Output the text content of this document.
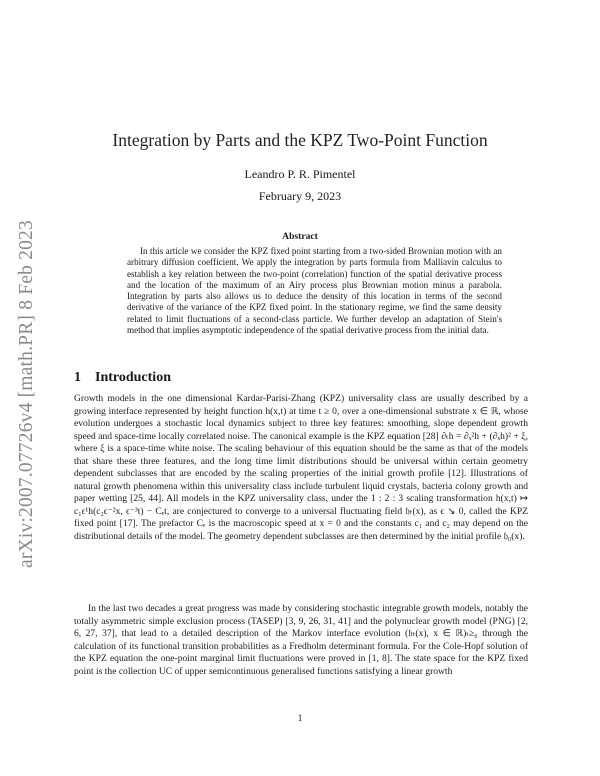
arXiv:2007.07726v4 [math.PR] 8 Feb 2023
Integration by Parts and the KPZ Two-Point Function
Leandro P. R. Pimentel
February 9, 2023
Abstract

In this article we consider the KPZ fixed point starting from a two-sided Brownian motion with an arbitrary diffusion coefficient. We apply the integration by parts formula from Malliavin calculus to establish a key relation between the two-point (correlation) function of the spatial derivative process and the location of the maximum of an Airy process plus Brownian motion minus a parabola. Integration by parts also allows us to deduce the density of this location in terms of the second derivative of the variance of the KPZ fixed point. In the stationary regime, we find the same density related to limit fluctuations of a second-class particle. We further develop an adaptation of Stein's method that implies asymptotic independence of the spatial derivative process from the initial data.

1 Introduction

Growth models in the one dimensional Kardar-Parisi-Zhang (KPZ) universality class are usually described by a growing interface represented by height function h(x,t) at time t ≥ 0, over a one-dimensional substrate x ∈ ℝ, whose evolution undergoes a stochastic local dynamics subject to three key features: smoothing, slope dependent growth speed and space-time locally correlated noise. The canonical example is the KPZ equation [28] ∂ₜh = ∂ₓ²h + (∂ₓh)² + ξ, where ξ is a space-time white noise. The scaling behaviour of this equation should be the same as that of the models that share these three features, and the long time limit distributions should be universal within certain geometry dependent subclasses that are encoded by the scaling properties of the initial growth profile [12]. Illustrations of natural growth phenomena within this universality class include turbulent liquid crystals, bacteria colony growth and paper wetting [25, 44]. All models in the KPZ universality class, under the 1 : 2 : 3 scaling transformation h(x,t) ↦ c₁ϵ¹h(c₂ϵ⁻²x, ϵ⁻³t) − Cₑt, are conjectured to converge to a universal fluctuating field 𝔥ₜ(x), as ϵ ↘ 0, called the KPZ fixed point [17]. The prefactor Cₑ is the macroscopic speed at x = 0 and the constants c₁ and c₂ may depend on the distributional details of the model. The geometry dependent subclasses are then determined by the initial profile 𝔥₀(x).

In the last two decades a great progress was made by considering stochastic integrable growth models, notably the totally asymmetric simple exclusion process (TASEP) [3, 9, 26, 31, 41] and the polynuclear growth model (PNG) [2, 6, 27, 37], that lead to a detailed description of the Markov interface evolution (𝔥ₜ(x), x ∈ ℝ)ₜ≥₀ through the calculation of its functional transition probabilities as a Fredholm determinant formula. For the Cole-Hopf solution of the KPZ equation the one-point marginal limit fluctuations were proved in [1, 8]. The state space for the KPZ fixed point is the collection UC of upper semicontinuous generalised functions satisfying a linear growth

1
